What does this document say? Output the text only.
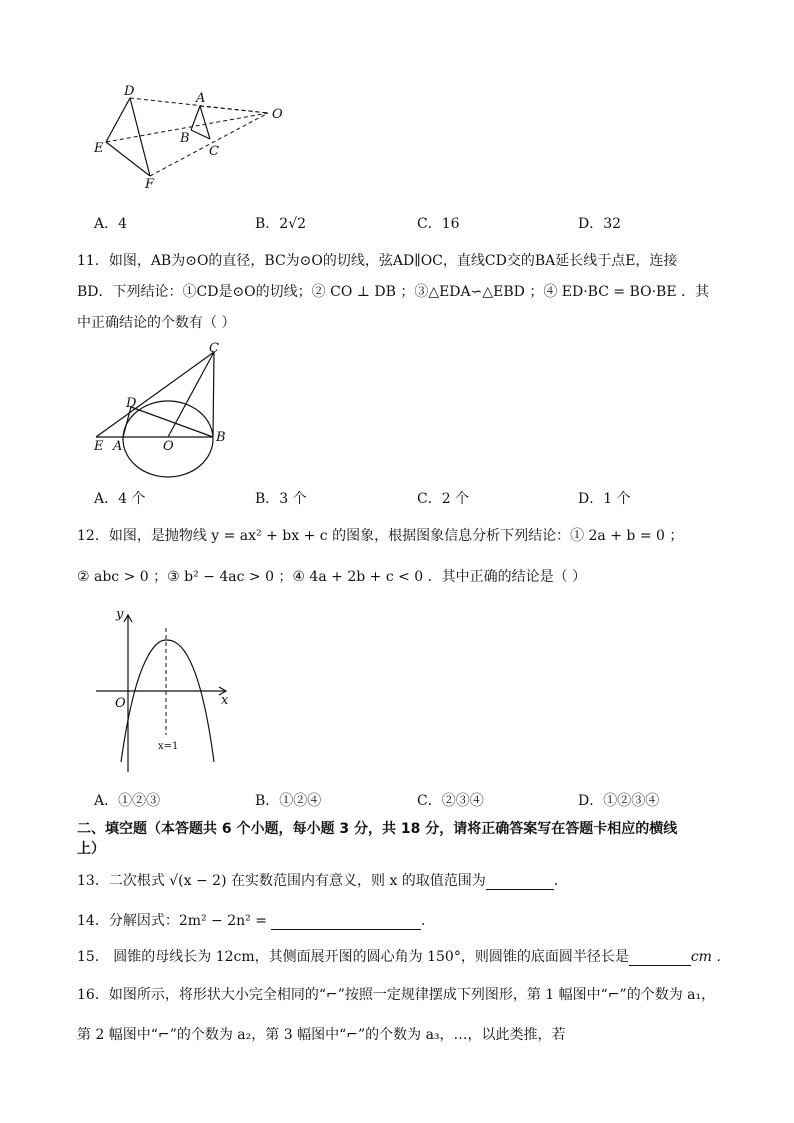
D	A
O
B
E	C
F
A．4	B．2√2	C．16	D．32
11．如图，AB为⊙O的直径，BC为⊙O的切线，弦AD∥OC，直线CD交的BA延长线于点E，连接
BD．下列结论：①CD是⊙O的切线；② CO ⊥ DB ；③△EDA∽△EBD ；④ ED·BC = BO·BE ．其
中正确结论的个数有（ ）
C
D
E A	O
B
A．4 个	B．3 个	C．2 个	D．1 个
12．如图，是抛物线 y = ax² + bx + c 的图象，根据图象信息分析下列结论：① 2a + b = 0 ；
② abc > 0 ；③ b² − 4ac > 0 ；④ 4a + 2b + c < 0 ．其中正确的结论是（ ）
y
x
O
x=1
A．①②③	B．①②④	C．②③④	D．①②③④
二、填空题（本答题共 6 个小题，每小题 3 分，共 18 分，请将正确答案写在答题卡相应的横线
上）
13．二次根式 √(x − 2) 在实数范围内有意义，则 x 的取值范围为	．
14．分解因式：2m² − 2n² =	．
15． 圆锥的母线长为 12cm，其侧面展开图的圆心角为 150°，则圆锥的底面圆半径长是	cm ．
16．如图所示，将形状大小完全相同的“⌐”按照一定规律摆成下列图形，第 1 幅图中“⌐”的个数为 a₁，
第 2 幅图中“⌐”的个数为 a₂，第 3 幅图中“⌐”的个数为 a₃，…，以此类推，若
